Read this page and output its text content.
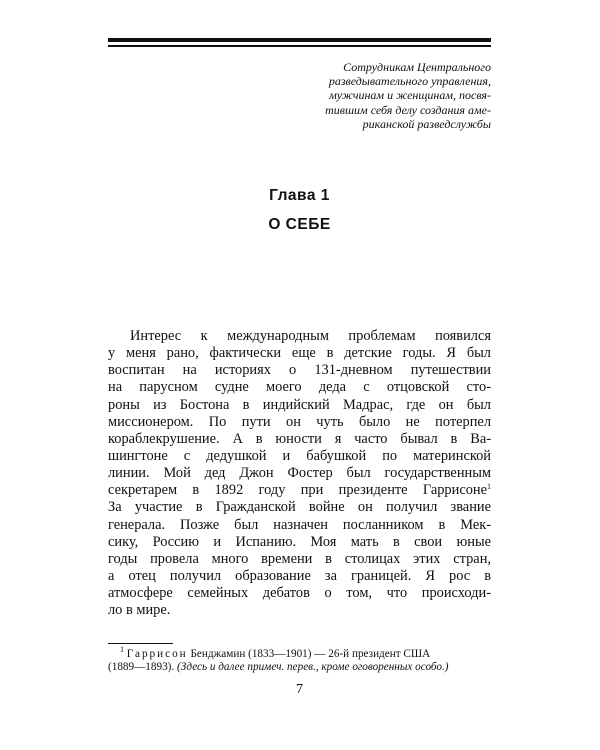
Сотрудникам Центрального
разведывательного управления,
мужчинам и женщинам, посвя-
тившим себя делу создания аме-
риканской разведслужбы
Глава 1
О СЕБЕ
Интерес к международным проблемам появился
у меня рано, фактически еще в детские годы. Я был
воспитан на историях о 131-дневном путешествии
на парусном судне моего деда с отцовской сто-
роны из Бостона в индийский Мадрас, где он был
миссионером. По пути он чуть было не потерпел
кораблекрушение. А в юности я часто бывал в Ва-
шингтоне с дедушкой и бабушкой по материнской
линии. Мой дед Джон Фостер был государственным
секретарем в 1892 году при президенте Гаррисоне$^1$
За участие в Гражданской войне он получил звание
генерала. Позже был назначен посланником в Мек-
сику, Россию и Испанию. Моя мать в свои юные
годы провела много времени в столицах этих стран,
а отец получил образование за границей. Я рос в
атмосфере семейных дебатов о том, что происходи-
ло в мире.
$^1$ Гаррисон Бенджамин (1833—1901) — 26-й президент США
(1889—1893). (Здесь и далее примеч. перев., кроме оговоренных особо.)
7
